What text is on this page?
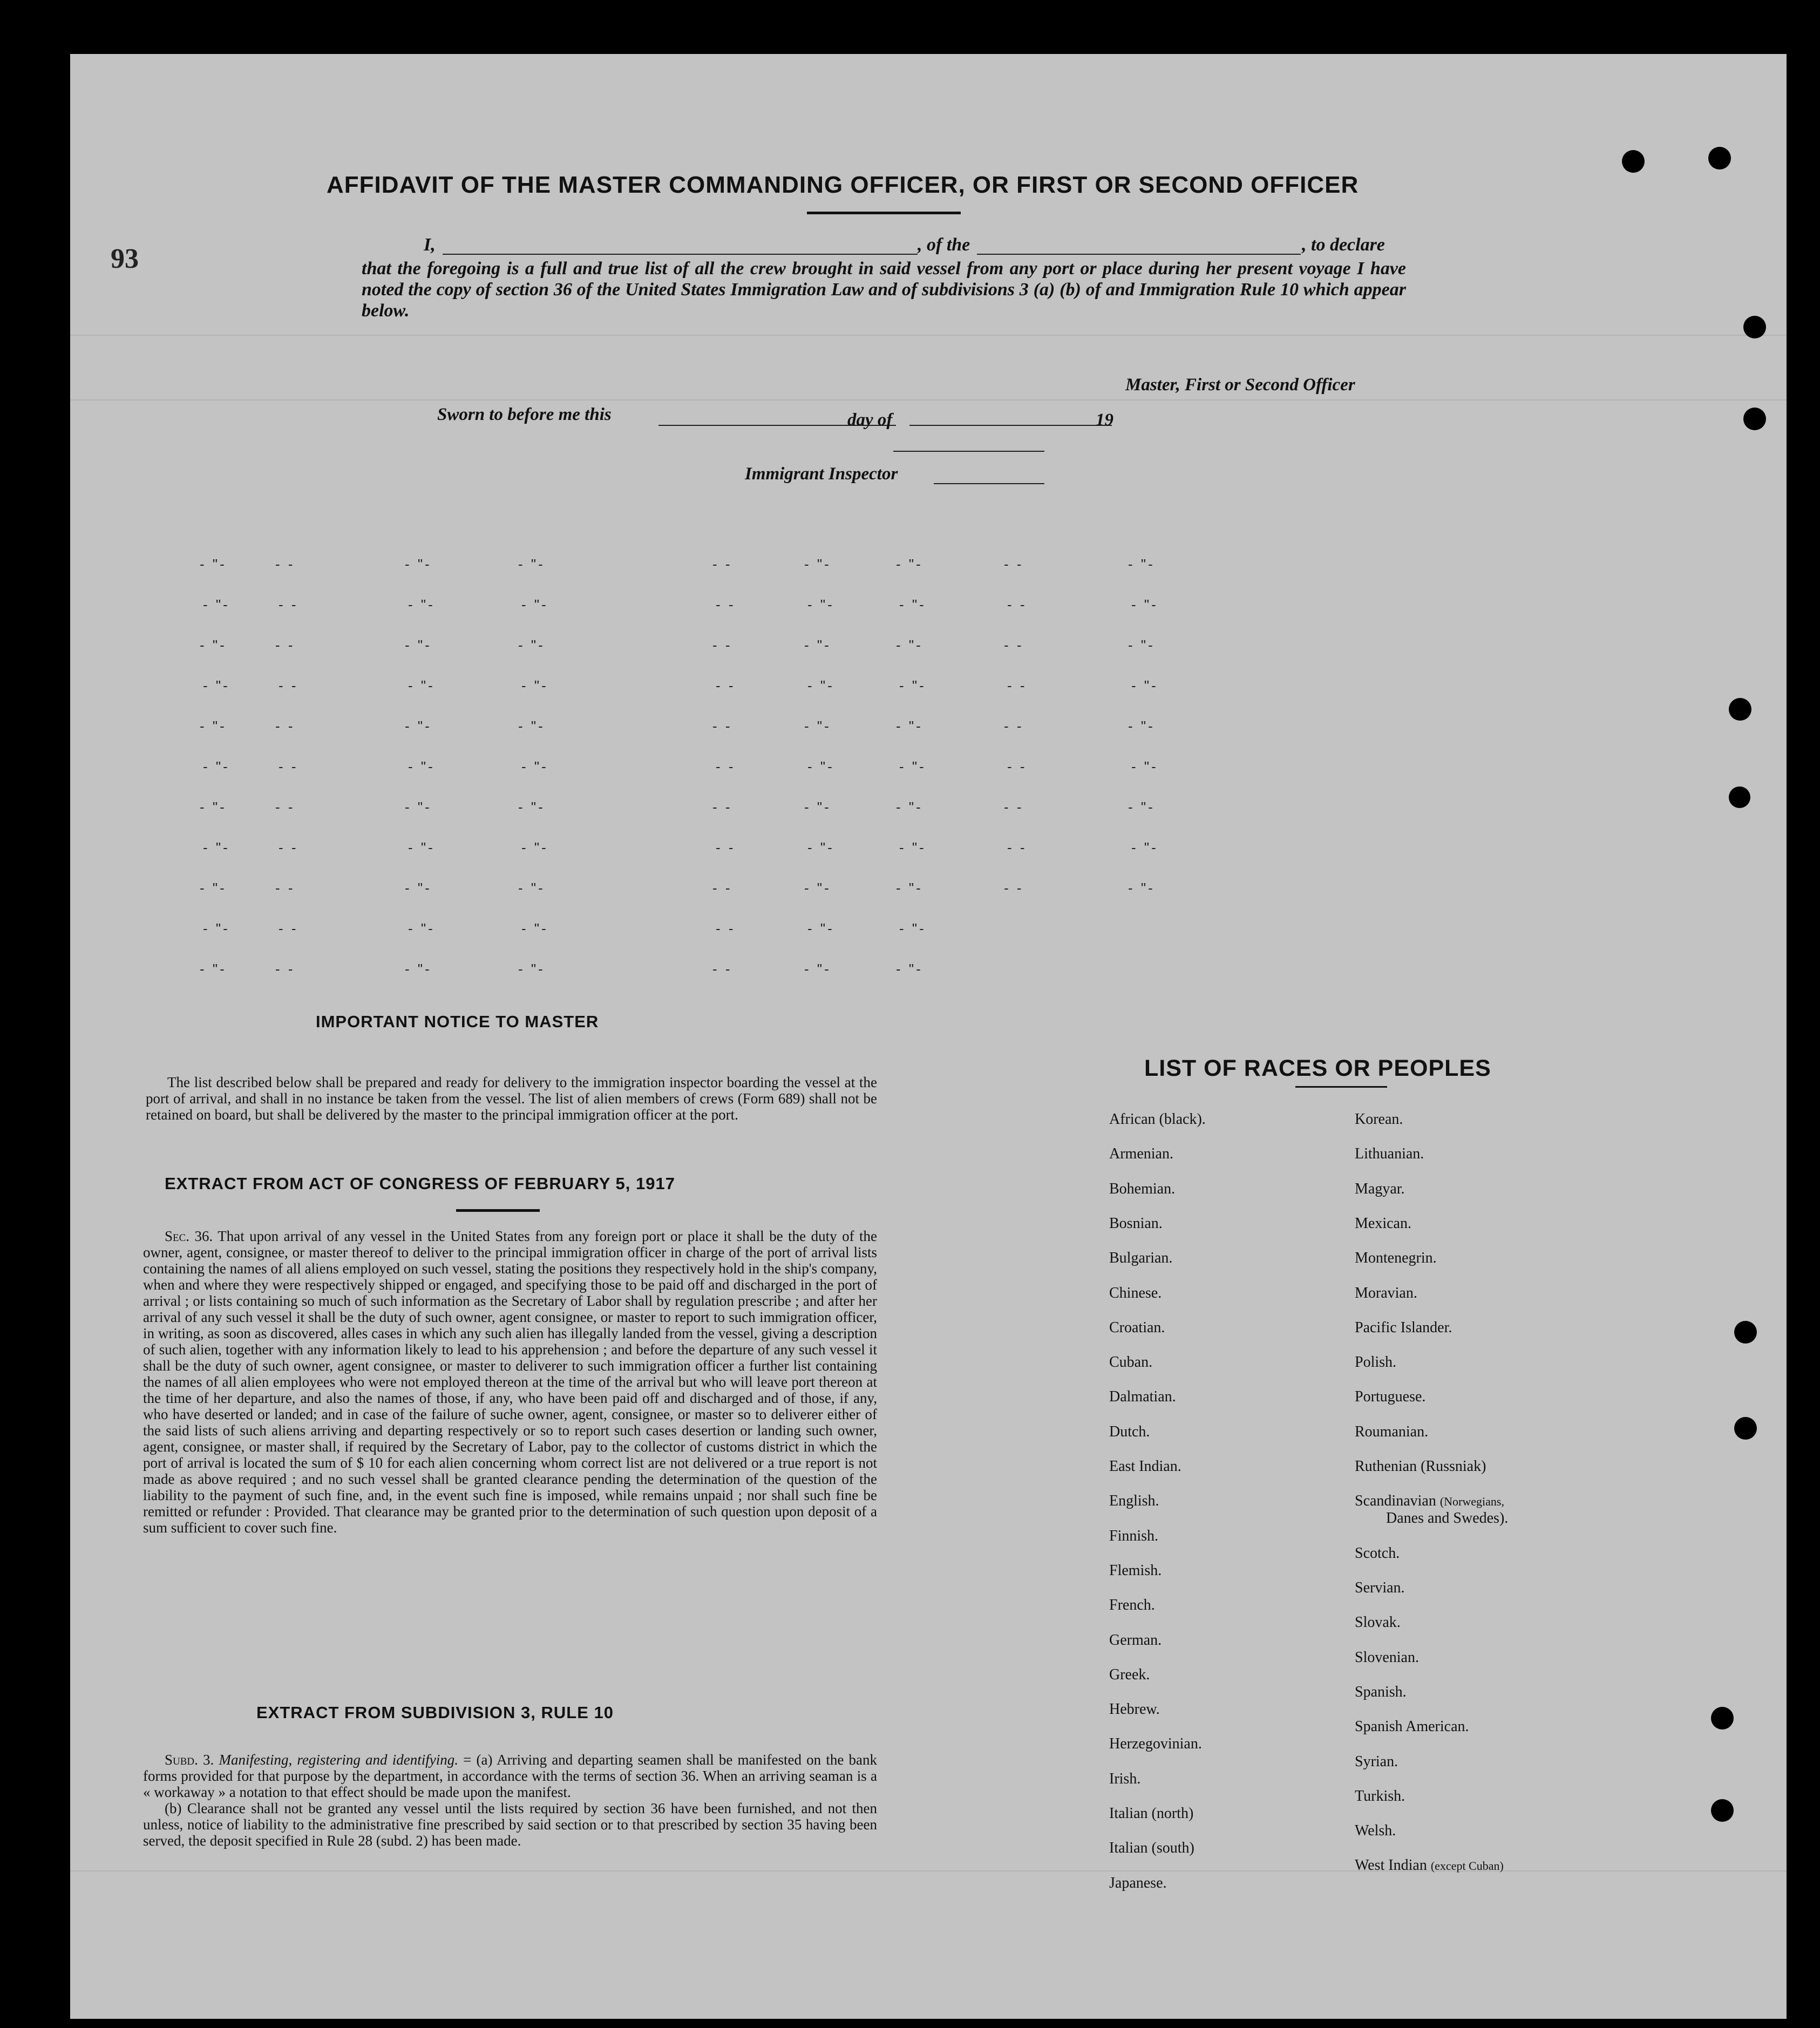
93
AFFIDAVIT OF THE MASTER COMMANDING OFFICER, OR FIRST OR SECOND OFFICER
I,	, of the	, to declare
that the foregoing is a full and true list of all the crew brought in said vessel from any port or place during her present voyage I have noted the copy of section 36 of the United States Immigration Law and of subdivisions 3 (a) (b) of and Immigration Rule 10 which appear below.
Master, First or Second Officer
Sworn to before me this	day of	19
Immigrant Inspector
- "-	- -	- "-	- "-	- -	- "-	- "-	- -	- "-
- "-	- -	- "-	- "-	- -	- "-	- "-	- -	- "-
- "-	- -	- "-	- "-	- -	- "-	- "-	- -	- "-
- "-	- -	- "-	- "-	- -	- "-	- "-	- -	- "-
- "-	- -	- "-	- "-	- -	- "-	- "-	- -	- "-
- "-	- -	- "-	- "-	- -	- "-	- "-	- -	- "-
- "-	- -	- "-	- "-	- -	- "-	- "-	- -	- "-
- "-	- -	- "-	- "-	- -	- "-	- "-	- -	- "-
- "-	- -	- "-	- "-	- -	- "-	- "-	- -	- "-
- "-	- -	- "-	- "-	- -	- "-	- "-
- "-	- -	- "-	- "-	- -	- "-	- "-
IMPORTANT NOTICE TO MASTER
The list described below shall be prepared and ready for delivery to the immigration inspector boarding the vessel at the port of arrival, and shall in no instance be taken from the vessel. The list of alien members of crews (Form 689) shall not be retained on board, but shall be delivered by the master to the principal immigration officer at the port.
EXTRACT FROM ACT OF CONGRESS OF FEBRUARY 5, 1917
Sec. 36. That upon arrival of any vessel in the United States from any foreign port or place it shall be the duty of the owner, agent, consignee, or master thereof to deliver to the principal immigration officer in charge of the port of arrival lists containing the names of all aliens employed on such vessel, stating the positions they respectively hold in the ship's company, when and where they were respectively shipped or engaged, and specifying those to be paid off and discharged in the port of arrival ; or lists containing so much of such information as the Secretary of Labor shall by regulation prescribe ; and after her arrival of any such vessel it shall be the duty of such owner, agent consignee, or master to report to such immigration officer, in writing, as soon as discovered, alles cases in which any such alien has illegally landed from the vessel, giving a description of such alien, together with any information likely to lead to his apprehension ; and before the departure of any such vessel it shall be the duty of such owner, agent consignee, or master to deliverer to such immigration officer a further list containing the names of all alien employees who were not employed thereon at the time of the arrival but who will leave port thereon at the time of her departure, and also the names of those, if any, who have been paid off and discharged and of those, if any, who have deserted or landed; and in case of the failure of suche owner, agent, consignee, or master so to deliverer either of the said lists of such aliens arriving and departing respectively or so to report such cases desertion or landing such owner, agent, consignee, or master shall, if required by the Secretary of Labor, pay to the collector of customs district in which the port of arrival is located the sum of $ 10 for each alien concerning whom correct list are not delivered or a true report is not made as above required ; and no such vessel shall be granted clearance pending the determination of the question of the liability to the payment of such fine, and, in the event such fine is imposed, while remains unpaid ; nor shall such fine be remitted or refunder : Provided. That clearance may be granted prior to the determination of such question upon deposit of a sum sufficient to cover such fine.
EXTRACT FROM SUBDIVISION 3, RULE 10
Subd. 3. Manifesting, registering and identifying. = (a) Arriving and departing seamen shall be manifested on the bank forms provided for that purpose by the department, in accordance with the terms of section 36. When an arriving seaman is a « workaway » a notation to that effect should be made upon the manifest.
(b) Clearance shall not be granted any vessel until the lists required by section 36 have been furnished, and not then unless, notice of liability to the administrative fine prescribed by said section or to that prescribed by section 35 having been served, the deposit specified in Rule 28 (subd. 2) has been made.
LIST OF RACES OR PEOPLES
African (black).
Armenian.
Bohemian.
Bosnian.
Bulgarian.
Chinese.
Croatian.
Cuban.
Dalmatian.
Dutch.
East Indian.
English.
Finnish.
Flemish.
French.
German.
Greek.
Hebrew.
Herzegovinian.
Irish.
Italian (north)
Italian (south)
Japanese.
Korean.
Lithuanian.
Magyar.
Mexican.
Montenegrin.
Moravian.
Pacific Islander.
Polish.
Portuguese.
Roumanian.
Ruthenian (Russniak)
Scandinavian (Norwegians,
Danes and Swedes).
Scotch.
Servian.
Slovak.
Slovenian.
Spanish.
Spanish American.
Syrian.
Turkish.
Welsh.
West Indian (except Cuban)
